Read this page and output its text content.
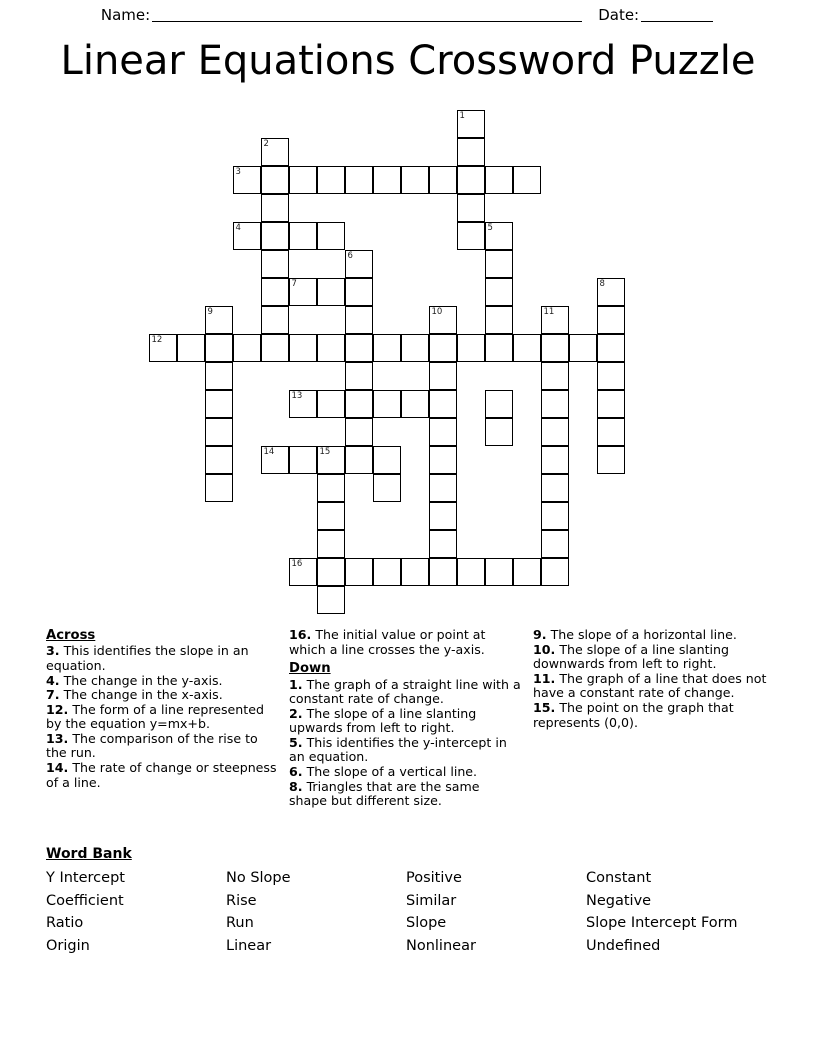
Name:	Date:
Linear Equations Crossword Puzzle
1
2
3
4	5
6
7	8
9	10	11
12
13
14	15
16
Across
3. This identifies the slope in an equation.
4. The change in the y-axis.
7. The change in the x-axis.
12. The form of a line represented by the equation y=mx+b.
13. The comparison of the rise to the run.
14. The rate of change or steepness of a line.
16. The initial value or point at which a line crosses the y-axis.
Down
1. The graph of a straight line with a constant rate of change.
2. The slope of a line slanting upwards from left to right.
5. This identifies the y-intercept in an equation.
6. The slope of a vertical line.
8. Triangles that are the same shape but different size.
9. The slope of a horizontal line.
10. The slope of a line slanting downwards from left to right.
11. The graph of a line that does not have a constant rate of change.
15. The point on the graph that represents (0,0).
Word Bank
Y Intercept	No Slope	Positive	Constant
Coefficient	Rise	Similar	Negative
Ratio	Run	Slope	Slope Intercept Form
Origin	Linear	Nonlinear	Undefined
